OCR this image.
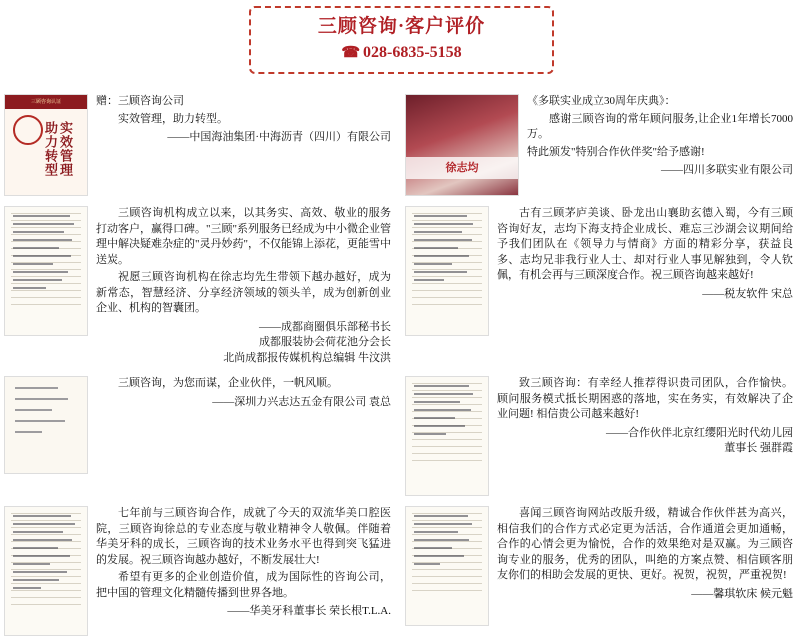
三顾咨询·客户评价
☎ 028-6835-5158
三顾咨询认证
实效管理
助力转型

赠：三顾咨询公司

实效管理，助力转型。

——中国海油集团·中海沥青（四川）有限公司
徐志均

《多联实业成立30周年庆典》：

感谢三顾咨询的常年顾问服务,让企业1年增长7000万。

特此颁发"特别合作伙伴奖"给予感谢!

——四川多联实业有限公司

三顾咨询机构成立以来，以其务实、高效、敬业的服务打动客户，赢得口碑。"三顾"系列服务已经成为中小微企业管理中解决疑难杂症的"灵丹妙药"，不仅能锦上添花，更能雪中送炭。

祝愿三顾咨询机构在徐志均先生带领下越办越好，成为新常态，智慧经济、分享经济领域的领头羊，成为创新创业企业、机构的智囊团。

——成都商圈俱乐部秘书长
成都服装协会荷花池分会长
北尚成都报传媒机构总编辑 牛汶洪

古有三顾茅庐美谈、卧龙出山襄助玄德入蜀，今有三顾咨询好友，志均下海支持企业成长、难忘三沙湖会议期间给予我们团队在《领导力与情商》方面的精彩分享，获益良多、志均兄非我行业人士、却对行业人事见解独到，令人钦佩，有机会再与三顾深度合作。祝三顾咨询越来越好!

——税友软件 宋总

三顾咨询，为您而谋，企业伙伴，一帆风顺。

——深圳力兴志达五金有限公司 袁总

致三顾咨询：有幸经人推荐得识贵司团队，合作愉快。顾问服务模式抵长期困惑的落地，实在务实，有效解决了企业问题! 相信贵公司越来越好!

——合作伙伴北京红缨阳光时代幼儿园
董事长 强群霞

七年前与三顾咨询合作，成就了今天的双流华美口腔医院，三顾咨询徐总的专业态度与敬业精神令人敬佩。伴随着华美牙科的成长，三顾咨询的技术业务水平也得到突飞猛进的发展。祝三顾咨询越办越好，不断发展壮大!

希望有更多的企业创造价值，成为国际性的咨询公司，把中国的管理文化精髓传播到世界各地。

——华美牙科董事长 荣长根T.L.A.

喜闻三顾咨询网站改版升级，精诚合作伙伴甚为高兴，相信我们的合作方式必定更为活活，合作通道会更加通畅，合作的心情会更为愉悦，合作的效果绝对是双赢。为三顾咨询专业的服务，优秀的团队，叫绝的方案点赞、相信顾客朋友你们的相助会发展的更快、更好。祝贺，祝贺，严重祝贺!

——馨琪软床 候元魁
